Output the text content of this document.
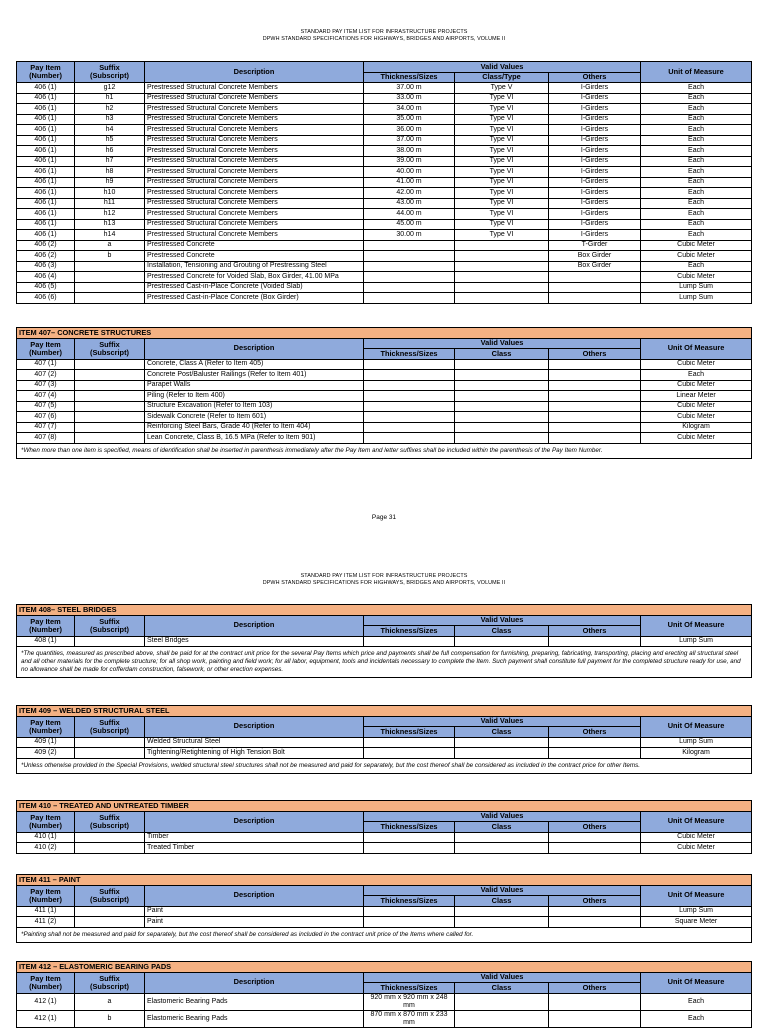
STANDARD PAY ITEM LIST FOR INFRASTRUCTURE PROJECTS
DPWH STANDARD SPECIFICATIONS FOR HIGHWAYS, BRIDGES AND AIRPORTS, VOLUME II
Pay Item
(Number)	Suffix
(Subscript)	Description	Valid Values			Unit of Measure
			Thickness/Sizes	Class/Type	Others	
406 (1)	g12	Prestressed Structural Concrete Members	37.00 m	Type V	I-Girders	Each
406 (1)	h1	Prestressed Structural Concrete Members	33.00 m	Type VI	I-Girders	Each
406 (1)	h2	Prestressed Structural Concrete Members	34.00 m	Type VI	I-Girders	Each
406 (1)	h3	Prestressed Structural Concrete Members	35.00 m	Type VI	I-Girders	Each
406 (1)	h4	Prestressed Structural Concrete Members	36.00 m	Type VI	I-Girders	Each
406 (1)	h5	Prestressed Structural Concrete Members	37.00 m	Type VI	I-Girders	Each
406 (1)	h6	Prestressed Structural Concrete Members	38.00 m	Type VI	I-Girders	Each
406 (1)	h7	Prestressed Structural Concrete Members	39.00 m	Type VI	I-Girders	Each
406 (1)	h8	Prestressed Structural Concrete Members	40.00 m	Type VI	I-Girders	Each
406 (1)	h9	Prestressed Structural Concrete Members	41.00 m	Type VI	I-Girders	Each
406 (1)	h10	Prestressed Structural Concrete Members	42.00 m	Type VI	I-Girders	Each
406 (1)	h11	Prestressed Structural Concrete Members	43.00 m	Type VI	I-Girders	Each
406 (1)	h12	Prestressed Structural Concrete Members	44.00 m	Type VI	I-Girders	Each
406 (1)	h13	Prestressed Structural Concrete Members	45.00 m	Type VI	I-Girders	Each
406 (1)	h14	Prestressed Structural Concrete Members	30.00 m	Type VI	I-Girders	Each
406 (2)	a	Prestressed Concrete			T-Girder	Cubic Meter
406 (2)	b	Prestressed Concrete			Box Girder	Cubic Meter
406 (3)		Installation, Tensioning and Grouting of Prestressing Steel			Box Girder	Each
406 (4)		Prestressed Concrete for Voided Slab, Box Girder, 41.00 MPa				Cubic Meter
406 (5)		Prestressed Cast-in-Place Concrete (Voided Slab)				Lump Sum
406 (6)		Prestressed Cast-in-Place Concrete (Box Girder)				Lump Sum
ITEM 407– CONCRETE STRUCTURES						
Pay Item
(Number)	Suffix
(Subscript)	Description	Valid Values			Unit Of Measure
			Thickness/Sizes	Class	Others	
407 (1)		Concrete, Class A (Refer to Item 405)				Cubic Meter
407 (2)		Concrete Post/Baluster Railings (Refer to Item 401)				Each
407 (3)		Parapet Walls				Cubic Meter
407 (4)		Piling (Refer to Item 400)				Linear Meter
407 (5)		Structure Excavation (Refer to Item 103)				Cubic Meter
407 (6)		Sidewalk Concrete (Refer to Item 601)				Cubic Meter
407 (7)		Reinforcing Steel Bars, Grade 40 (Refer to Item 404)				Kilogram
407 (8)		Lean Concrete, Class B, 16.5 MPa (Refer to Item 901)				Cubic Meter
*When more than one item is specified, means of identification shall be inserted in parenthesis immediately after the Pay Item and letter suffixes shall be included within the parenthesis of the Pay Item Number.						
Page 31
STANDARD PAY ITEM LIST FOR INFRASTRUCTURE PROJECTS
DPWH STANDARD SPECIFICATIONS FOR HIGHWAYS, BRIDGES AND AIRPORTS, VOLUME II
ITEM 408– STEEL BRIDGES						
Pay Item
(Number)	Suffix
(Subscript)	Description	Valid Values			Unit Of Measure
			Thickness/Sizes	Class	Others	
408 (1)		Steel Bridges				Lump Sum
*The quantities, measured as prescribed above, shall be paid for at the contract unit price for the several Pay Items which price and payments shall be full compensation for furnishing, preparing, fabricating, transporting, placing and erecting all structural steel and all other materials for the complete structure; for all shop work, painting and field work; for all labor, equipment, tools and incidentals necessary to complete the Item. Such payment shall constitute full payment for the completed structure ready for use, and no allowance shall be made for cofferdam construction, falsework, or other erection expenses.						
ITEM 409 – WELDED STRUCTURAL STEEL						
Pay Item
(Number)	Suffix
(Subscript)	Description	Valid Values			Unit Of Measure
			Thickness/Sizes	Class	Others	
409 (1)		Welded Structural Steel				Lump Sum
409 (2)		Tightening/Retightening of High Tension Bolt				Kilogram
*Unless otherwise provided in the Special Provisions, welded structural steel structures shall not be measured and paid for separately, but the cost thereof shall be considered as included in the contract price for other Items.						
ITEM 410 – TREATED AND UNTREATED TIMBER						
Pay Item
(Number)	Suffix
(Subscript)	Description	Valid Values			Unit Of Measure
			Thickness/Sizes	Class	Others	
410 (1)		Timber				Cubic Meter
410 (2)		Treated Timber				Cubic Meter
ITEM 411 – PAINT						
Pay Item
(Number)	Suffix
(Subscript)	Description	Valid Values			Unit Of Measure
			Thickness/Sizes	Class	Others	
411 (1)		Paint				Lump Sum
411 (2)		Paint				Square Meter
*Painting shall not be measured and paid for separately, but the cost thereof shall be considered as included in the contract unit price of the Items where called for.						
ITEM 412 – ELASTOMERIC BEARING PADS						
Pay Item
(Number)	Suffix
(Subscript)	Description	Valid Values			Unit Of Measure
			Thickness/Sizes	Class	Others	
412 (1)	a	Elastomeric Bearing Pads	920 mm x 920 mm x 248 mm			Each
412 (1)	b	Elastomeric Bearing Pads	870 mm x 870 mm x 233 mm			Each
